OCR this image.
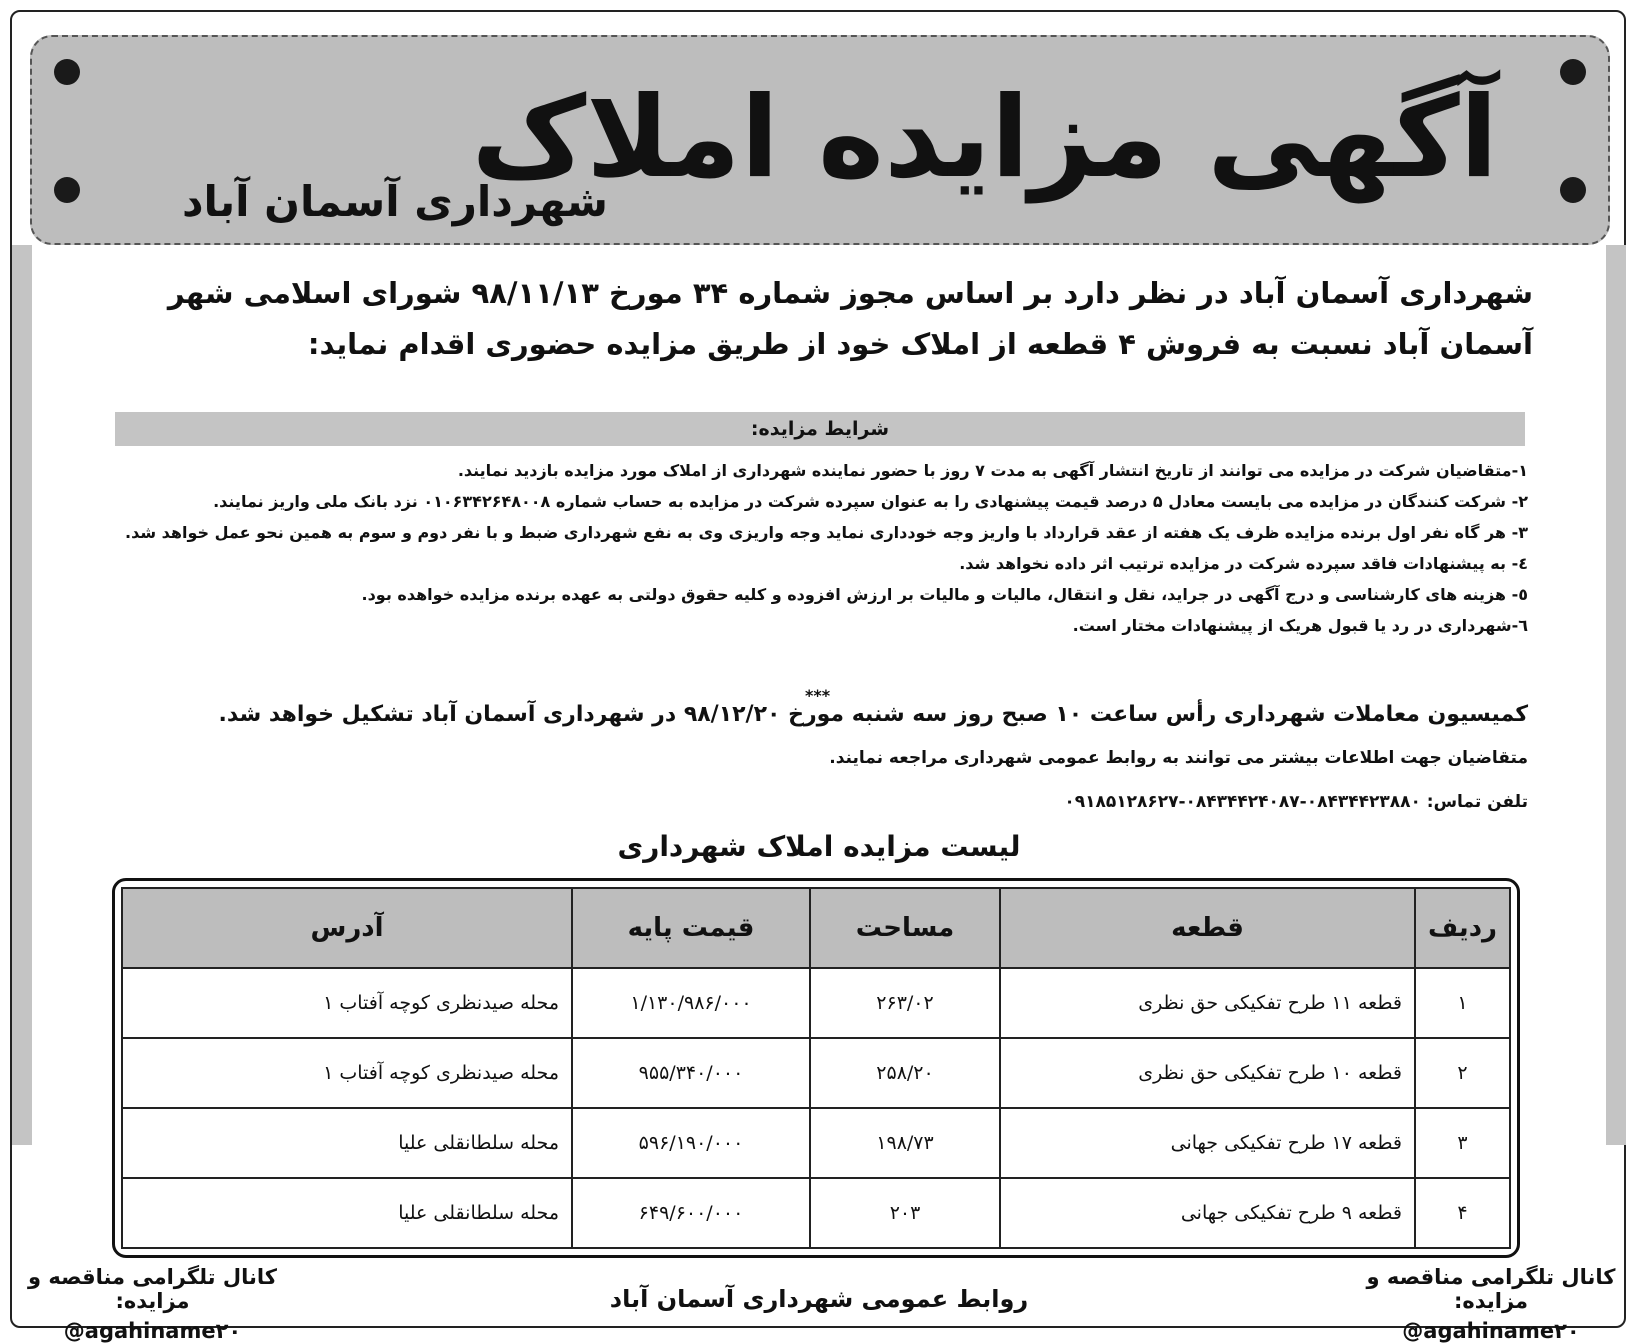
آگهی مزایده املاک
شهرداری آسمان آباد
شهرداری آسمان آباد در نظر دارد بر اساس مجوز شماره ۳۴ مورخ ۹۸/۱۱/۱۳ شورای اسلامی شهر آسمان آباد نسبت به فروش ۴ قطعه از املاک خود از طریق مزایده حضوری اقدام نماید:
شرایط مزایده:
۱-متقاضیان شرکت در مزایده می توانند از تاریخ انتشار آگهی به مدت ۷ روز با حضور نماینده شهرداری از املاک مورد مزایده بازدید نمایند.
۲- شرکت کنندگان در مزایده می بایست معادل ۵ درصد قیمت پیشنهادی را به عنوان سپرده شرکت در مزایده به حساب شماره ۰۱۰۶۳۴۲۶۴۸۰۰۸ نزد بانک ملی واریز نمایند.
۳- هر گاه نفر اول برنده مزایده ظرف یک هفته از عقد قرارداد با واریز وجه خودداری نماید وجه واریزی وی به نفع شهرداری ضبط و با نفر دوم و سوم به همین نحو عمل خواهد شد.
٤- به پیشنهادات فاقد سپرده شرکت در مزایده ترتیب اثر داده نخواهد شد.
٥- هزینه های کارشناسی و درج آگهی در جراید، نقل و انتقال، مالیات و مالیات بر ارزش افزوده و کلیه حقوق دولتی به عهده برنده مزایده خواهده بود.
٦-شهرداری در رد یا قبول هریک از پیشنهادات مختار است.
***
کمیسیون معاملات شهرداری رأس ساعت ۱۰ صبح روز سه شنبه مورخ ۹۸/۱۲/۲۰ در شهرداری آسمان آباد تشکیل خواهد شد.
متقاضیان جهت اطلاعات بیشتر می توانند به روابط عمومی شهرداری مراجعه نمایند.
تلفن تماس: ۰۸۴۳۴۴۲۳۸۸۰-۰۸۴۳۴۴۲۴۰۸۷-۰۹۱۸۵۱۲۸۶۲۷
لیست مزایده املاک شهرداری
ردیف	قطعه	مساحت	قیمت پایه	آدرس
۱	قطعه ۱۱ طرح تفکیکی حق نظری	۲۶۳/۰۲	۱/۱۳۰/۹۸۶/۰۰۰	محله صیدنظری کوچه آفتاب ۱
۲	قطعه ۱۰ طرح تفکیکی حق نظری	۲۵۸/۲۰	۹۵۵/۳۴۰/۰۰۰	محله صیدنظری کوچه آفتاب ۱
۳	قطعه ۱۷ طرح تفکیکی جهانی	۱۹۸/۷۳	۵۹۶/۱۹۰/۰۰۰	محله سلطانقلی علیا
۴	قطعه ۹ طرح تفکیکی جهانی	۲۰۳	۶۴۹/۶۰۰/۰۰۰	محله سلطانقلی علیا
کانال تلگرامی مناقصه و مزایده:
@agahiname۲۰
کانال تلگرامی مناقصه و مزایده:
@agahiname۲۰
روابط عمومی شهرداری آسمان آباد
